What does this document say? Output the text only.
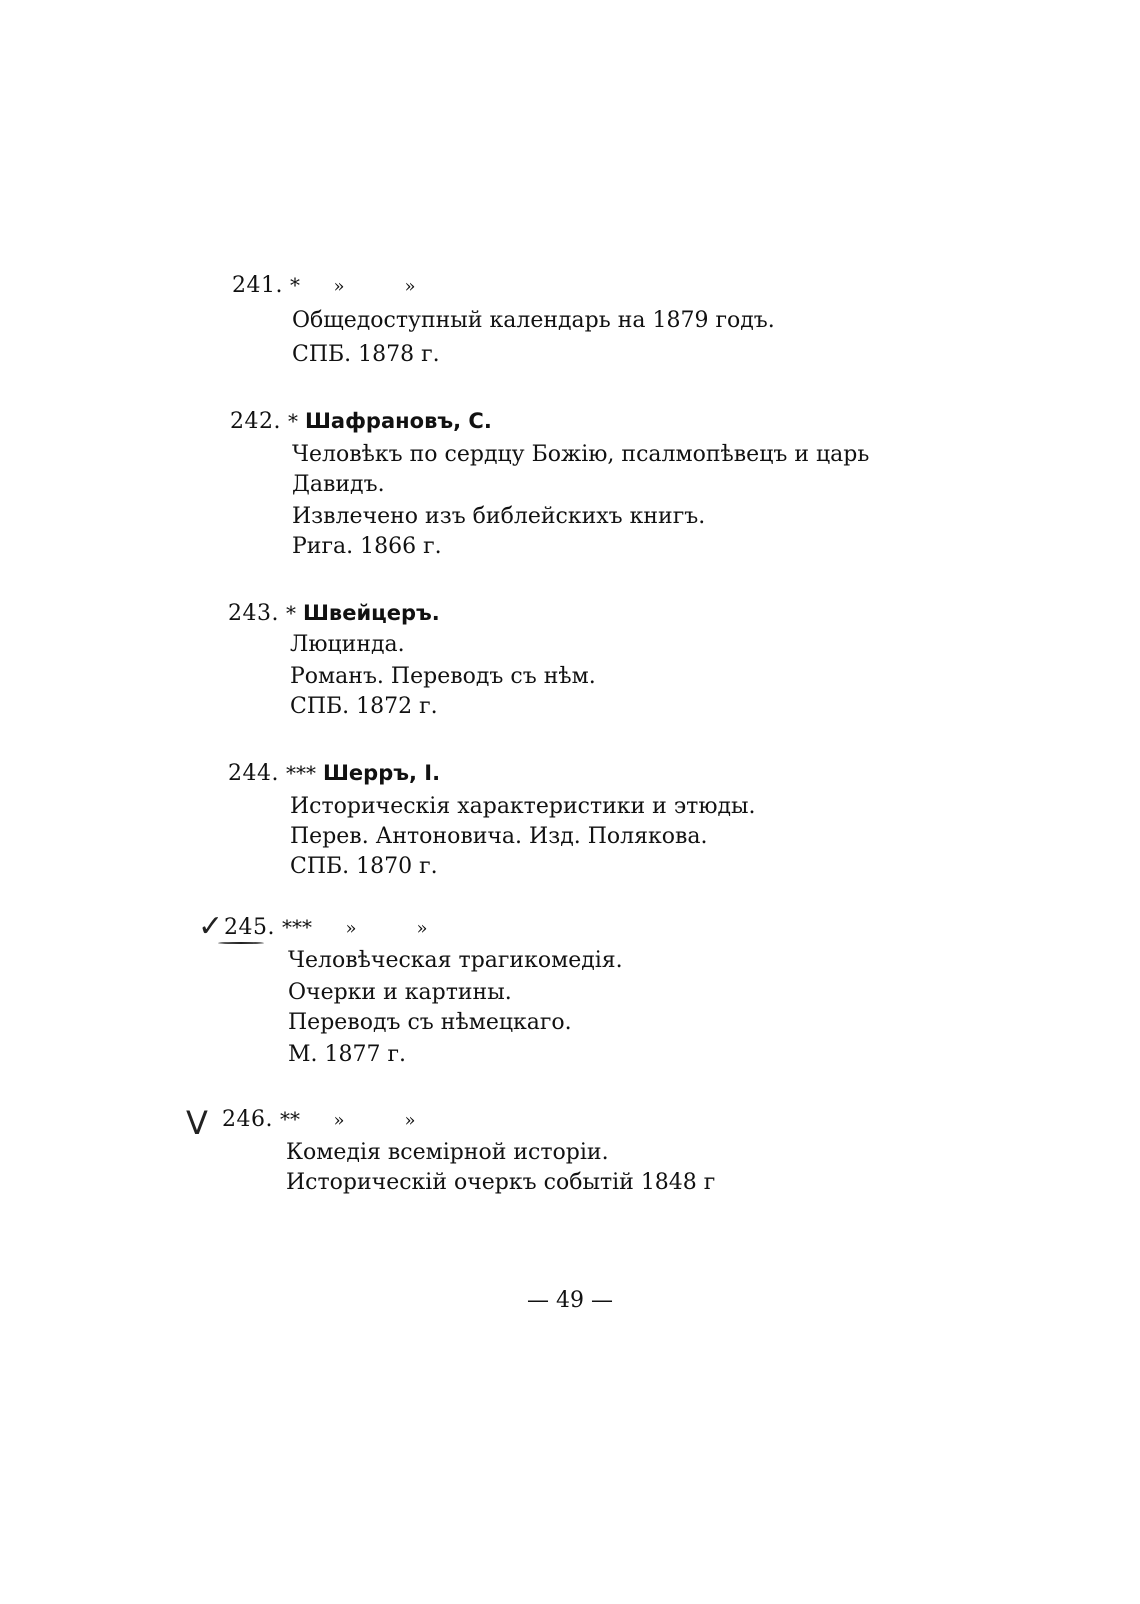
241. * »	»
Общедоступный календарь на 1879 годъ.
СПБ. 1878 г.
242. * Шафрановъ, С.
Человѣкъ по сердцу Божію, псалмопѣвецъ и царь
Давидъ.
Извлечено изъ библейскихъ книгъ.
Рига. 1866 г.
243. * Швейцеръ.
Люцинда.
Романъ. Переводъ съ нѣм.
СПБ. 1872 г.
244. *** Шерръ, І.
Историческія характеристики и этюды.
Перев. Антоновича. Изд. Полякова.
СПБ. 1870 г.
✓ 245. *** »	»
Человѣческая трагикомедія.
Очерки и картины.
Переводъ съ нѣмецкаго.
М. 1877 г.
V 246. ** »	»
Комедія всемірной исторіи.
Историческій очеркъ событій 1848 г
— 49 —
